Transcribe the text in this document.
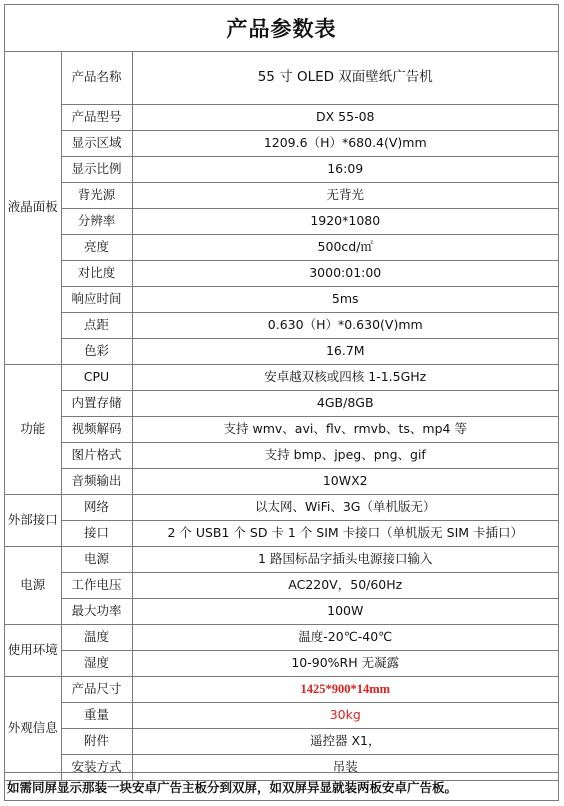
产品参数表
液晶面板	产品名称	55 寸 OLED 双面壁纸广告机
	产品型号	DX 55-08
	显示区域	1209.6（H）*680.4(V)mm
	显示比例	16:09
	背光源	无背光
	分辨率	1920*1080
	亮度	500cd/㎡
	对比度	3000:01:00
	响应时间	5ms
	点距	0.630（H）*0.630(V)mm
	色彩	16.7M
功能	CPU	安卓越双核或四核 1-1.5GHz
	内置存储	4GB/8GB
	视频解码	支持 wmv、avi、flv、rmvb、ts、mp4 等
	图片格式	支持 bmp、jpeg、png、gif
	音频输出	10WX2
外部接口	网络	以太网、WiFi、3G（单机版无）
	接口	2 个 USB1 个 SD 卡 1 个 SIM 卡接口（单机版无 SIM 卡插口）
电源	电源	1 路国标品字插头电源接口输入
	工作电压	AC220V，50/60Hz
	最大功率	100W
使用环境	温度	温度-20℃-40℃
	湿度	10-90%RH 无凝露
外观信息	产品尺寸	1425*900*14mm
	重量	30kg
	附件	遥控器 X1，
	安装方式	吊装
如需同屏显示那装一块安卓广告主板分到双屏，如双屏异显就装两板安卓广告板。
